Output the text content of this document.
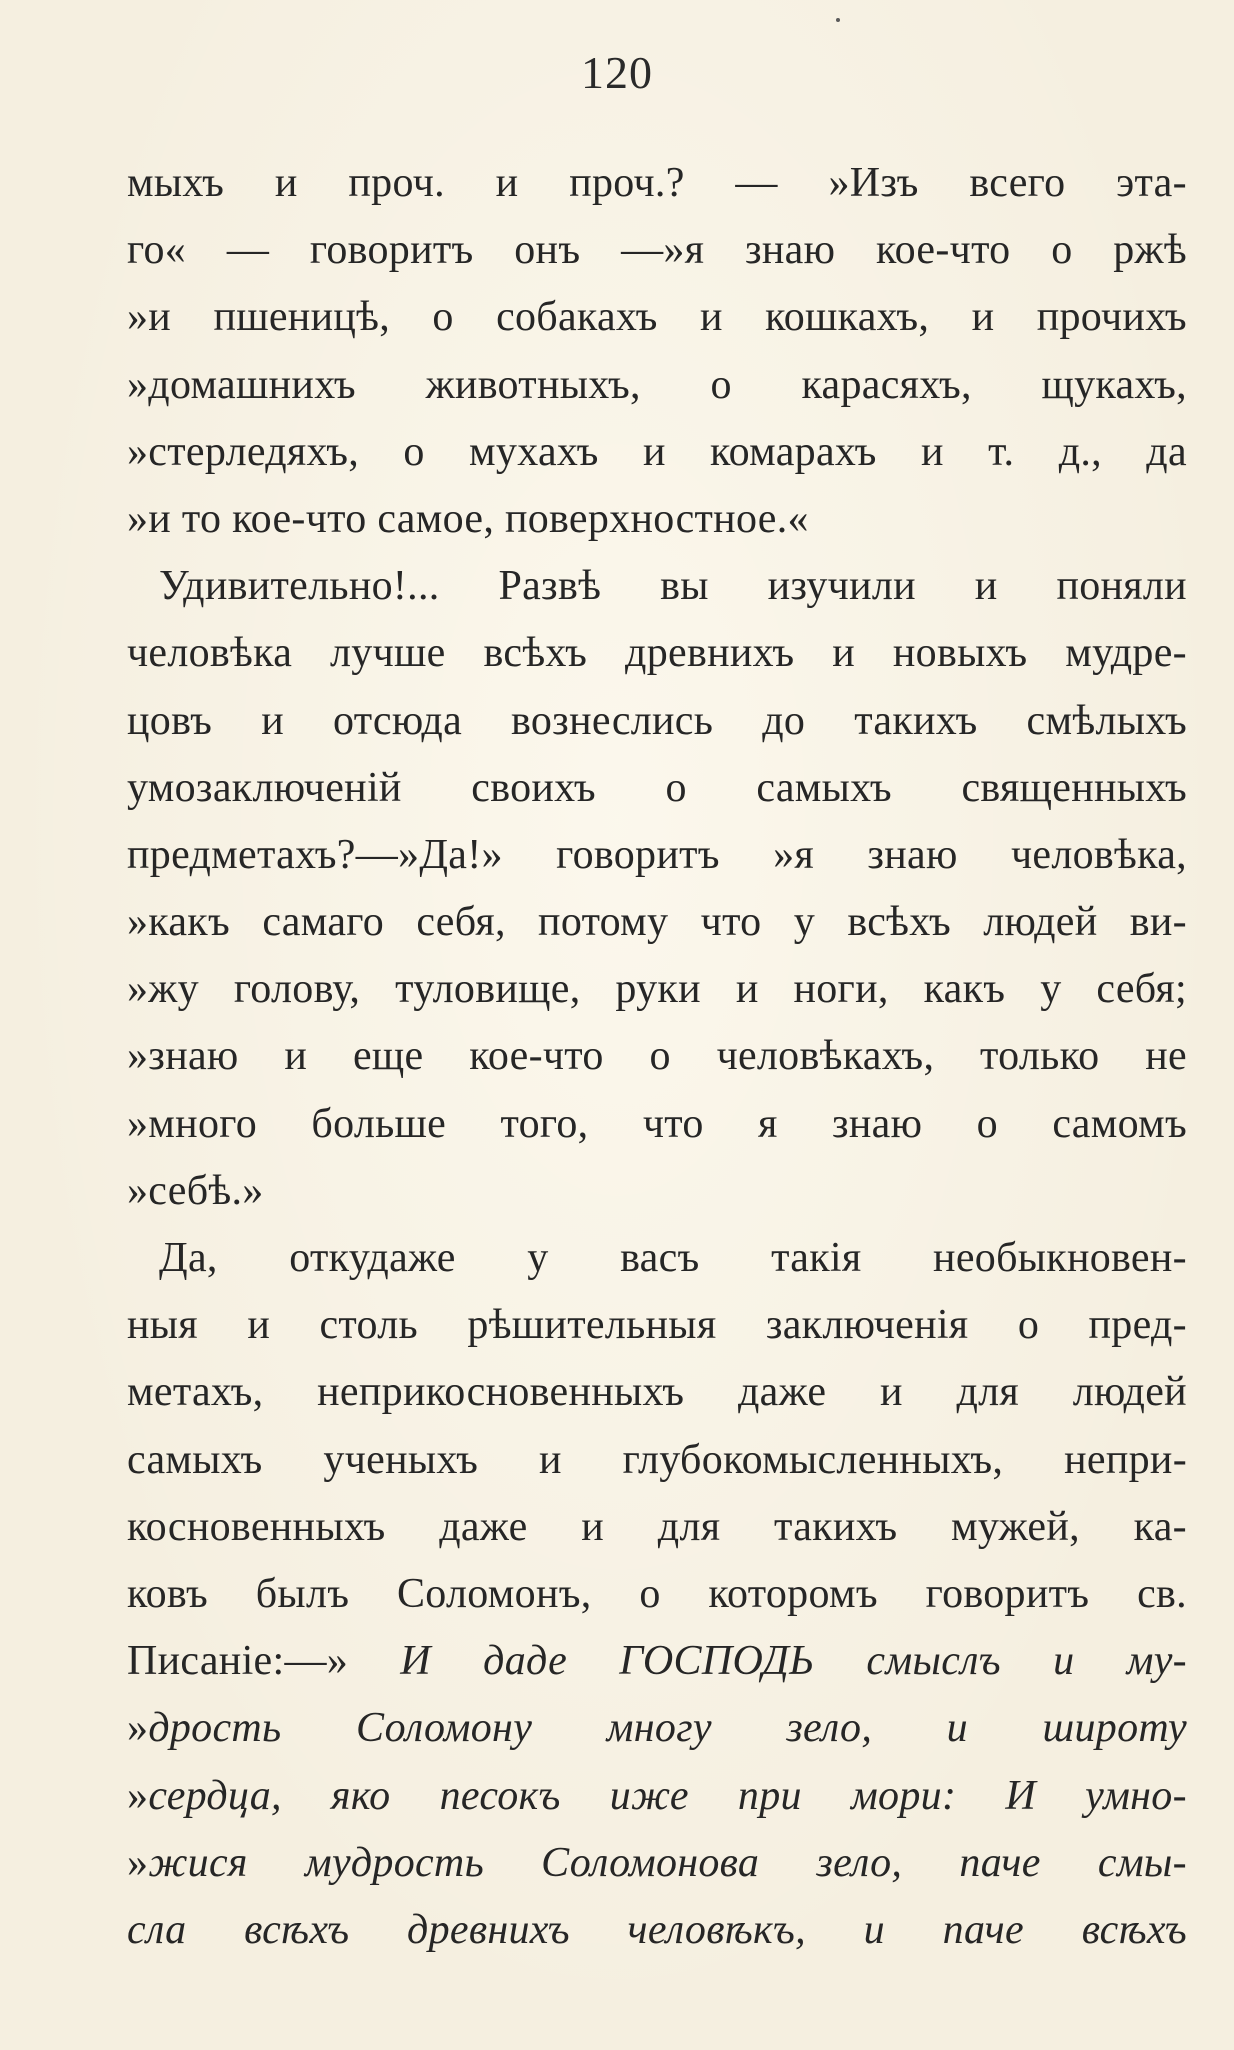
120
мыхъ и проч. и проч.? — »Изъ всего эта-
го« — говоритъ онъ —»я знаю кое-что о ржѣ
»и пшеницѣ, о собакахъ и кошкахъ, и прочихъ
»домашнихъ животныхъ, о карасяхъ, щукахъ,
»стерледяхъ, о мухахъ и комарахъ и т. д., да
»и то кое-что самое, поверхностное.«
Удивительно!... Развѣ вы изучили и поняли
человѣка лучше всѣхъ древнихъ и новыхъ мудре-
цовъ и отсюда вознеслись до такихъ смѣлыхъ
умозаключеній своихъ о самыхъ священныхъ
предметахъ?—»Да!» говоритъ »я знаю человѣка,
»какъ самаго себя, потому что у всѣхъ людей ви-
»жу голову, туловище, руки и ноги, какъ у себя;
»знаю и еще кое-что о человѣкахъ, только не
»много больше того, что я знаю о самомъ
»себѣ.»
Да, откудаже у васъ такія необыкновен-
ныя и столь рѣшительныя заключенія о пред-
метахъ, неприкосновенныхъ даже и для людей
самыхъ ученыхъ и глубокомысленныхъ, непри-
косновенныхъ даже и для такихъ мужей, ка-
ковъ былъ Соломонъ, о которомъ говоритъ св.
Писаніе:—» И даде ГОСПОДЬ смыслъ и му-
»дрость Соломону многу зело, и широту
»сердца, яко песокъ иже при мори: И умно-
»жися мудрость Соломонова зело, паче смы-
сла всѣхъ древнихъ человѣкъ, и паче всѣхъ
